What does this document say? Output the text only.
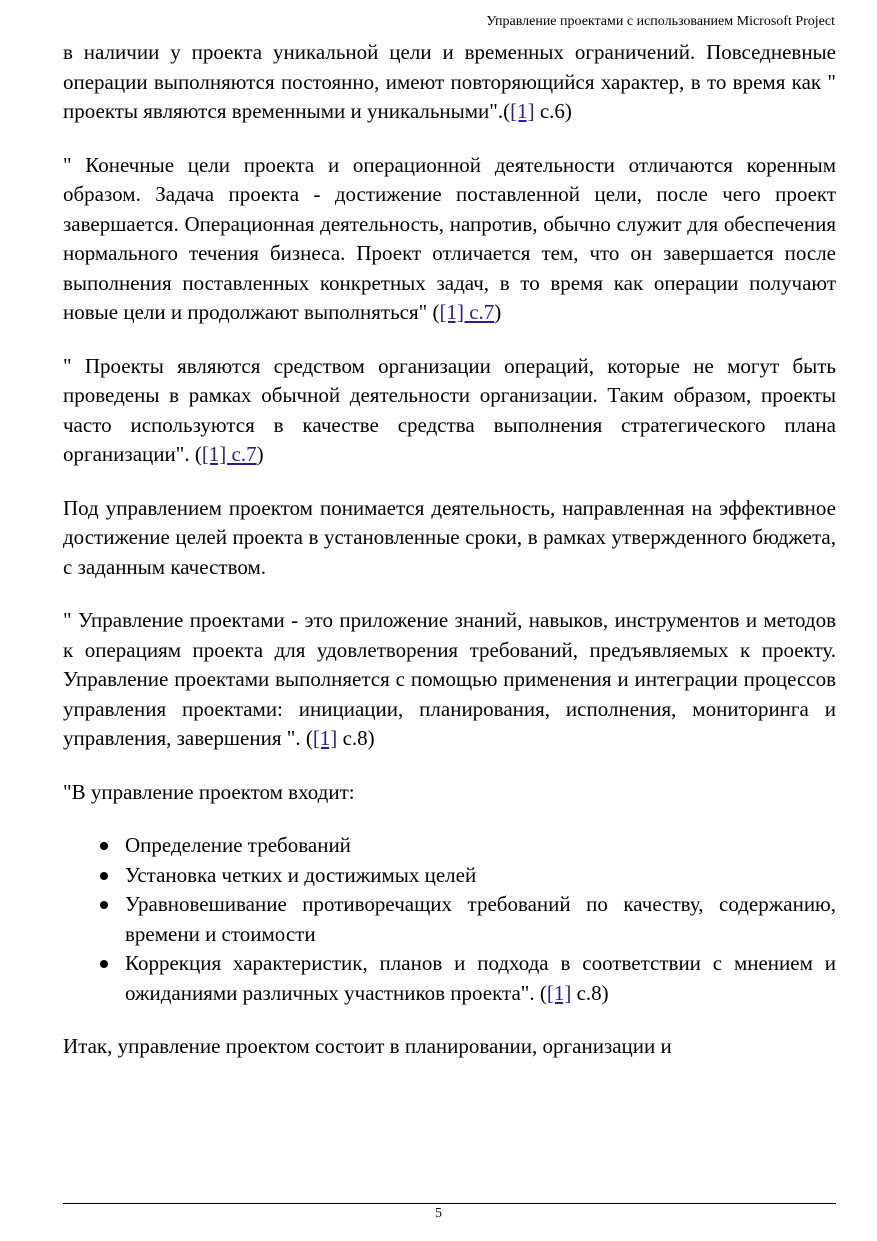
Управление проектами с использованием Microsoft Project

в наличии у проекта уникальной цели и временных ограничений. Повседневные операции выполняются постоянно, имеют повторяющийся характер, в то время как " проекты являются временными и уникальными".([1] с.6)

" Конечные цели проекта и операционной деятельности отличаются коренным образом. Задача проекта - достижение поставленной цели, после чего проект завершается. Операционная деятельность, напротив, обычно служит для обеспечения нормального течения бизнеса. Проект отличается тем, что он завершается после выполнения поставленных конкретных задач, в то время как операции получают новые цели и продолжают выполняться" ([1] с.7)

" Проекты являются средством организации операций, которые не могут быть проведены в рамках обычной деятельности организации. Таким образом, проекты часто используются в качестве средства выполнения стратегического плана организации". ([1] с.7)

Под управлением проектом понимается деятельность, направленная на эффективное достижение целей проекта в установленные сроки, в рамках утвержденного бюджета, с заданным качеством.

" Управление проектами - это приложение знаний, навыков, инструментов и методов к операциям проекта для удовлетворения требований, предъявляемых к проекту. Управление проектами выполняется с помощью применения и интеграции процессов управления проектами: инициации, планирования, исполнения, мониторинга и управления, завершения ". ([1] с.8)

"В управление проектом входит:

Определение требований
Установка четких и достижимых целей
Уравновешивание противоречащих требований по качеству, содержанию, времени и стоимости
Коррекция характеристик, планов и подхода в соответствии с мнением и ожиданиями различных участников проекта". ([1] с.8)

Итак, управление проектом состоит в планировании, организации и

5
